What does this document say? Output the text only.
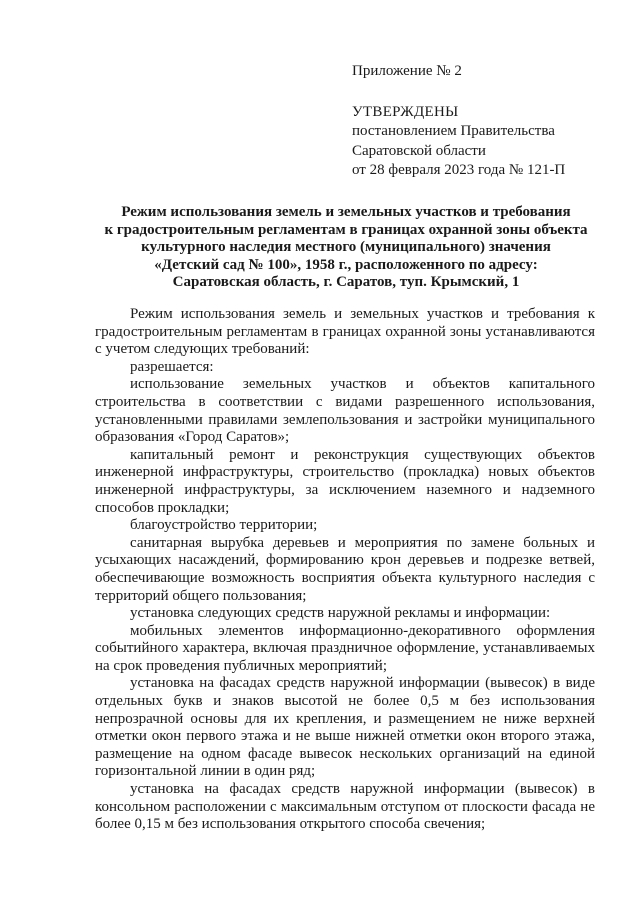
Приложение № 2
УТВЕРЖДЕНЫ
постановлением Правительства
Саратовской области
от 28 февраля 2023 года № 121-П
Режим использования земель и земельных участков и требования
к градостроительным регламентам в границах охранной зоны объекта
культурного наследия местного (муниципального) значения
«Детский сад № 100», 1958 г., расположенного по адресу:
Саратовская область, г. Саратов, туп. Крымский, 1

Режим использования земель и земельных участков и требования к градостроительным регламентам в границах охранной зоны устанавливаются с учетом следующих требований:

разрешается:

использование земельных участков и объектов капитального строительства в соответствии с видами разрешенного использования, установленными правилами землепользования и застройки муниципального образования «Город Саратов»;

капитальный ремонт и реконструкция существующих объектов инженерной инфраструктуры, строительство (прокладка) новых объектов инженерной инфраструктуры, за исключением наземного и надземного способов прокладки;

благоустройство территории;

санитарная вырубка деревьев и мероприятия по замене больных и усыхающих насаждений, формированию крон деревьев и подрезке ветвей, обеспечивающие возможность восприятия объекта культурного наследия с территорий общего пользования;

установка следующих средств наружной рекламы и информации:

мобильных элементов информационно-декоративного оформления событийного характера, включая праздничное оформление, устанавливаемых на срок проведения публичных мероприятий;

установка на фасадах средств наружной информации (вывесок) в виде отдельных букв и знаков высотой не более 0,5 м без использования непрозрачной основы для их крепления, и размещением не ниже верхней отметки окон первого этажа и не выше нижней отметки окон второго этажа, размещение на одном фасаде вывесок нескольких организаций на единой горизонтальной линии в один ряд;

установка на фасадах средств наружной информации (вывесок) в консольном расположении с максимальным отступом от плоскости фасада не более 0,15 м без использования открытого способа свечения;
